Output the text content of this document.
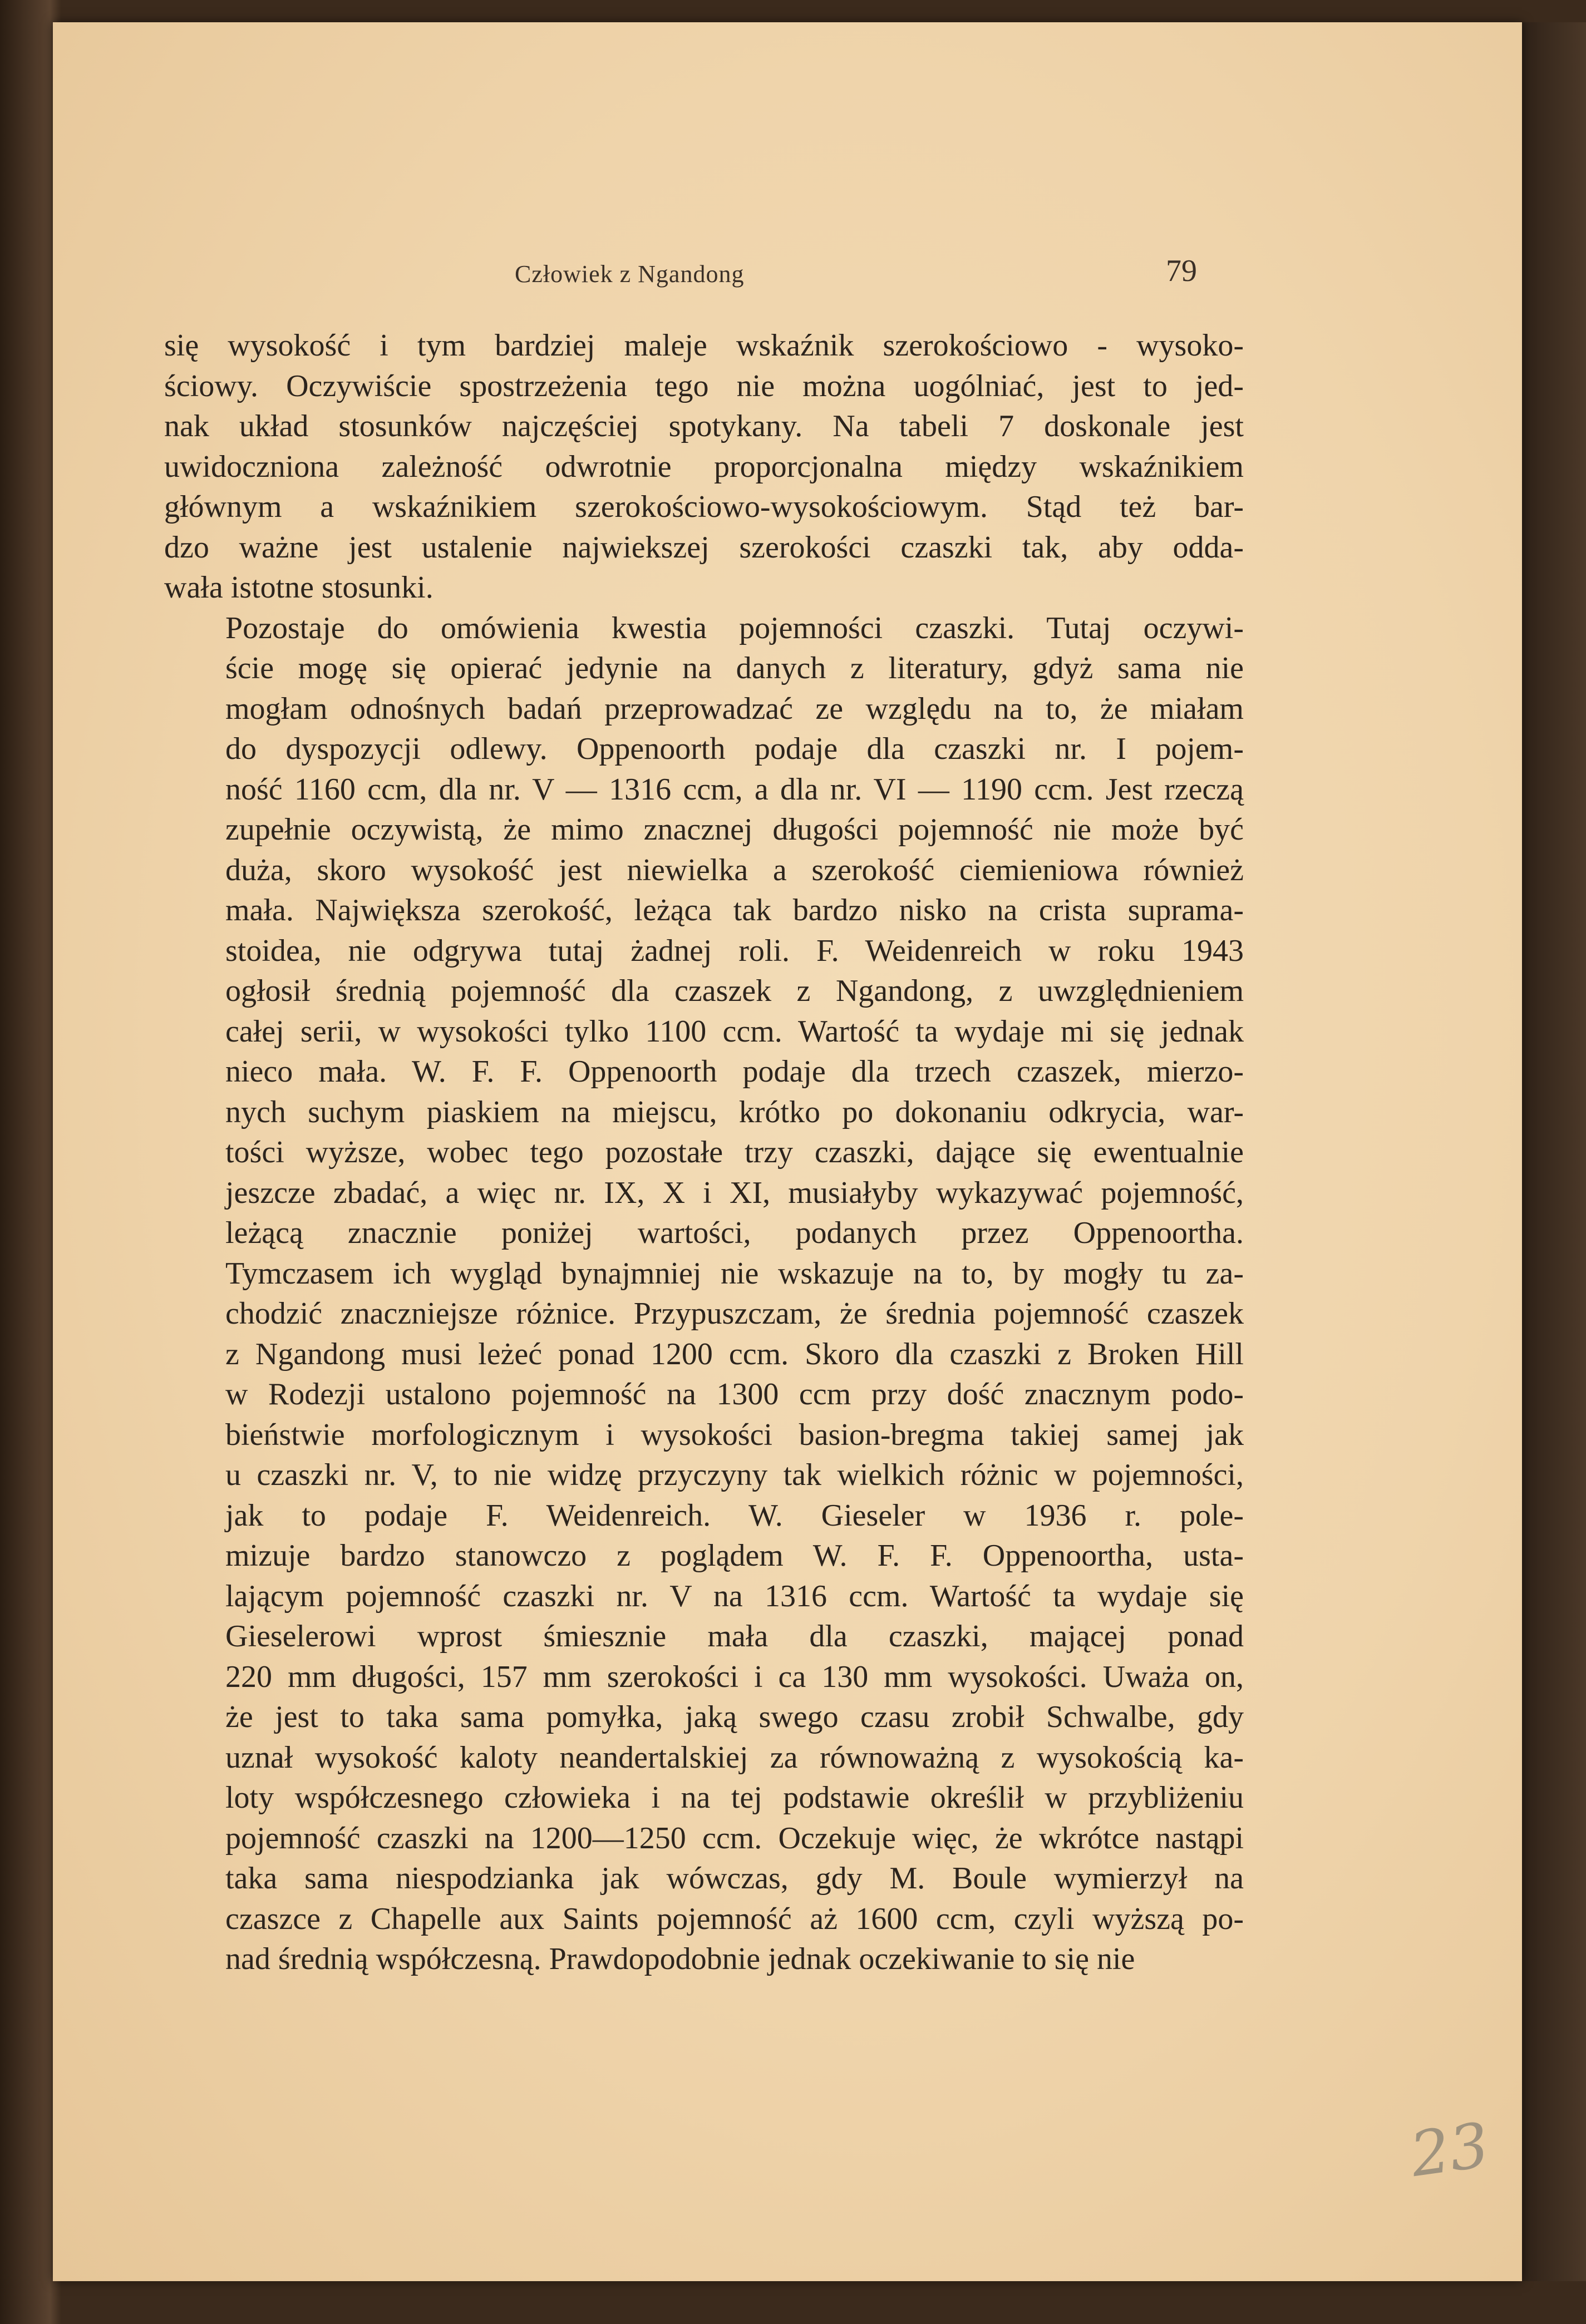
Człowiek z Ngandong	79

się wysokość i tym bardziej maleje wskaźnik szerokościowo - wysoko-
ściowy. Oczywiście spostrzeżenia tego nie można uogólniać, jest to jed-
nak układ stosunków najczęściej spotykany. Na tabeli 7 doskonale jest
uwidoczniona zależność odwrotnie proporcjonalna między wskaźnikiem
głównym a wskaźnikiem szerokościowo-wysokościowym. Stąd też bar-
dzo ważne jest ustalenie najwiekszej szerokości czaszki tak, aby odda-
wała istotne stosunki.

Pozostaje do omówienia kwestia pojemności czaszki. Tutaj oczywi-
ście mogę się opierać jedynie na danych z literatury, gdyż sama nie
mogłam odnośnych badań przeprowadzać ze względu na to, że miałam
do dyspozycji odlewy. Oppenoorth podaje dla czaszki nr. I pojem-
ność 1160 ccm, dla nr. V — 1316 ccm, a dla nr. VI — 1190 ccm. Jest rzeczą
zupełnie oczywistą, że mimo znacznej długości pojemność nie może być
duża, skoro wysokość jest niewielka a szerokość ciemieniowa również
mała. Największa szerokość, leżąca tak bardzo nisko na crista suprama-
stoidea, nie odgrywa tutaj żadnej roli. F. Weidenreich w roku 1943
ogłosił średnią pojemność dla czaszek z Ngandong, z uwzględnieniem
całej serii, w wysokości tylko 1100 ccm. Wartość ta wydaje mi się jednak
nieco mała. W. F. F. Oppenoorth podaje dla trzech czaszek, mierzo-
nych suchym piaskiem na miejscu, krótko po dokonaniu odkrycia, war-
tości wyższe, wobec tego pozostałe trzy czaszki, dające się ewentualnie
jeszcze zbadać, a więc nr. IX, X i XI, musiałyby wykazywać pojemność,
leżącą znacznie poniżej wartości, podanych przez Oppenoortha.
Tymczasem ich wygląd bynajmniej nie wskazuje na to, by mogły tu za-
chodzić znaczniejsze różnice. Przypuszczam, że średnia pojemność czaszek
z Ngandong musi leżeć ponad 1200 ccm. Skoro dla czaszki z Broken Hill
w Rodezji ustalono pojemność na 1300 ccm przy dość znacznym podo-
bieństwie morfologicznym i wysokości basion-bregma takiej samej jak
u czaszki nr. V, to nie widzę przyczyny tak wielkich różnic w pojemności,
jak to podaje F. Weidenreich. W. Gieseler w 1936 r. pole-
mizuje bardzo stanowczo z poglądem W. F. F. Oppenoortha, usta-
lającym pojemność czaszki nr. V na 1316 ccm. Wartość ta wydaje się
Gieselerowi wprost śmiesznie mała dla czaszki, mającej ponad
220 mm długości, 157 mm szerokości i ca 130 mm wysokości. Uważa on,
że jest to taka sama pomyłka, jaką swego czasu zrobił Schwalbe, gdy
uznał wysokość kaloty neandertalskiej za równoważną z wysokością ka-
loty współczesnego człowieka i na tej podstawie określił w przybliżeniu
pojemność czaszki na 1200—1250 ccm. Oczekuje więc, że wkrótce nastąpi
taka sama niespodzianka jak wówczas, gdy M. Boule wymierzył na
czaszce z Chapelle aux Saints pojemność aż 1600 ccm, czyli wyższą po-
nad średnią współczesną. Prawdopodobnie jednak oczekiwanie to się nie

23
